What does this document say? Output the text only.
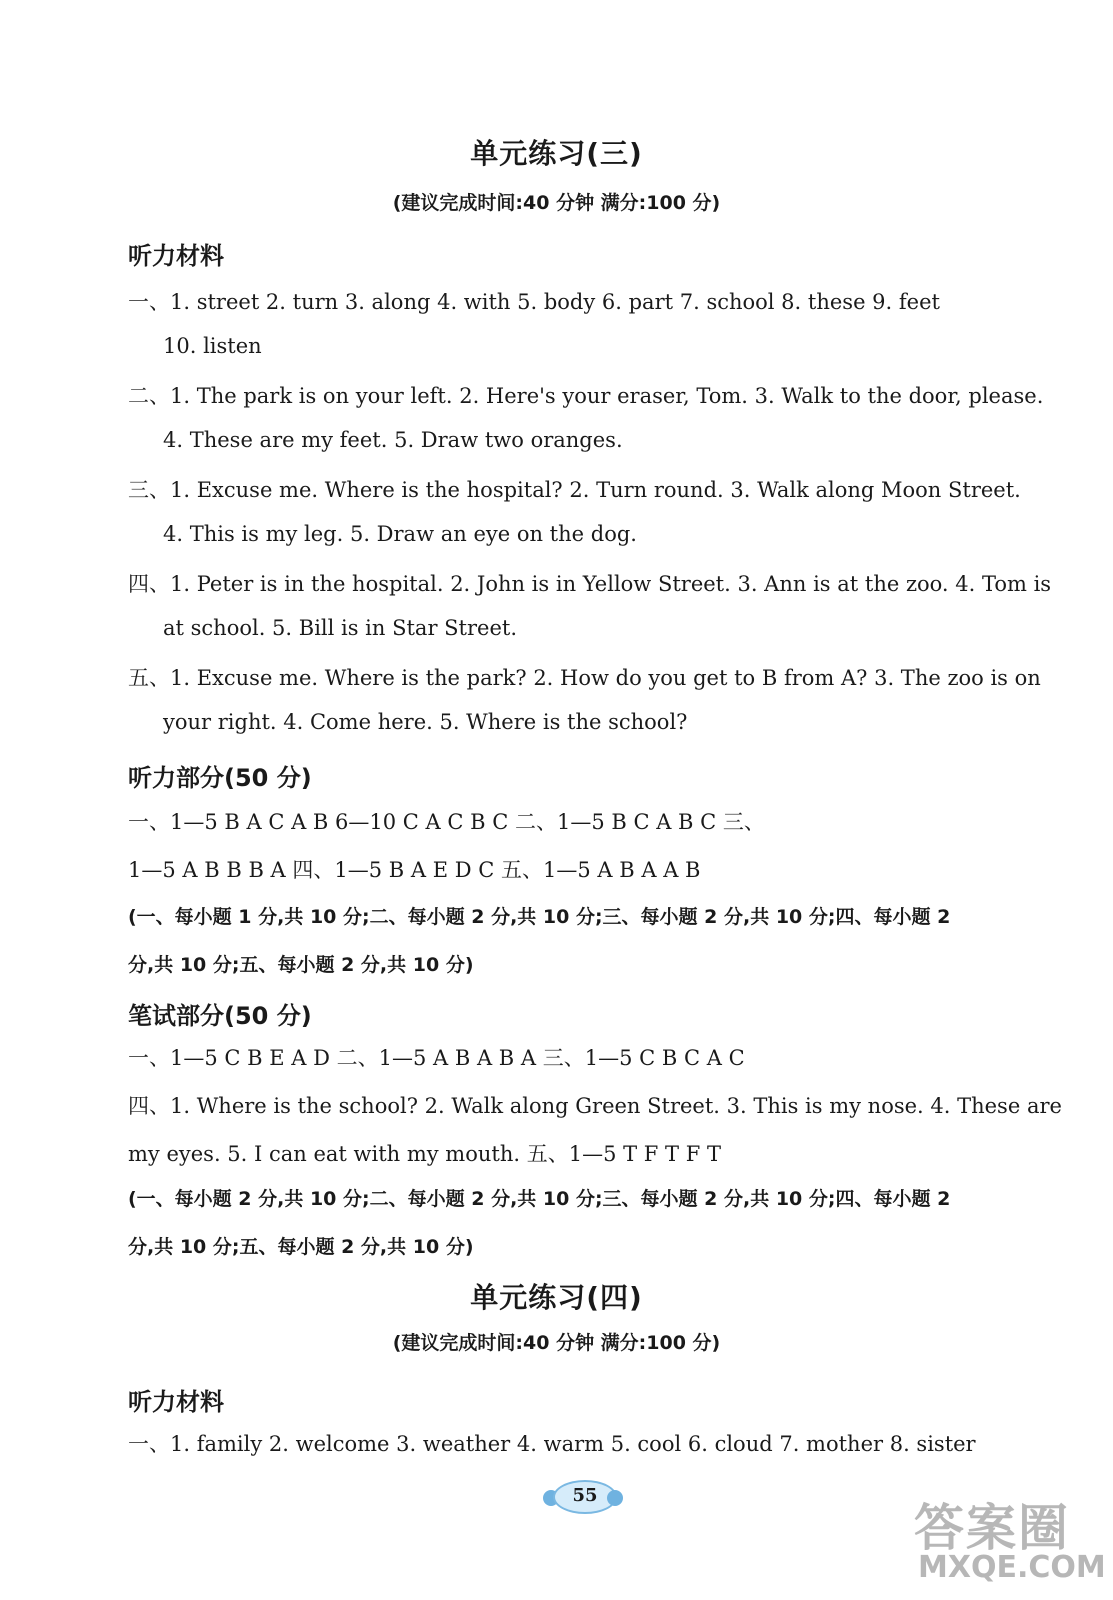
单元练习(三)
(建议完成时间:40 分钟 满分:100 分)
听力材料
一、1. street 2. turn 3. along 4. with 5. body 6. part 7. school 8. these 9. feet
10. listen
二、1. The park is on your left. 2. Here's your eraser, Tom. 3. Walk to the door, please.
4. These are my feet. 5. Draw two oranges.
三、1. Excuse me. Where is the hospital? 2. Turn round. 3. Walk along Moon Street.
4. This is my leg. 5. Draw an eye on the dog.
四、1. Peter is in the hospital. 2. John is in Yellow Street. 3. Ann is at the zoo. 4. Tom is
at school. 5. Bill is in Star Street.
五、1. Excuse me. Where is the park? 2. How do you get to B from A? 3. The zoo is on
your right. 4. Come here. 5. Where is the school?
听力部分(50 分)
一、1—5 B A C A B 6—10 C A C B C 二、1—5 B C A B C 三、
1—5 A B B B A 四、1—5 B A E D C 五、1—5 A B A A B
(一、每小题 1 分,共 10 分;二、每小题 2 分,共 10 分;三、每小题 2 分,共 10 分;四、每小题 2
分,共 10 分;五、每小题 2 分,共 10 分)
笔试部分(50 分)
一、1—5 C B E A D 二、1—5 A B A B A 三、1—5 C B C A C
四、1. Where is the school? 2. Walk along Green Street. 3. This is my nose. 4. These are
my eyes. 5. I can eat with my mouth. 五、1—5 T F T F T
(一、每小题 2 分,共 10 分;二、每小题 2 分,共 10 分;三、每小题 2 分,共 10 分;四、每小题 2
分,共 10 分;五、每小题 2 分,共 10 分)
单元练习(四)
(建议完成时间:40 分钟 满分:100 分)
听力材料
一、1. family 2. welcome 3. weather 4. warm 5. cool 6. cloud 7. mother 8. sister
55
答案圈
MXQE.COM
